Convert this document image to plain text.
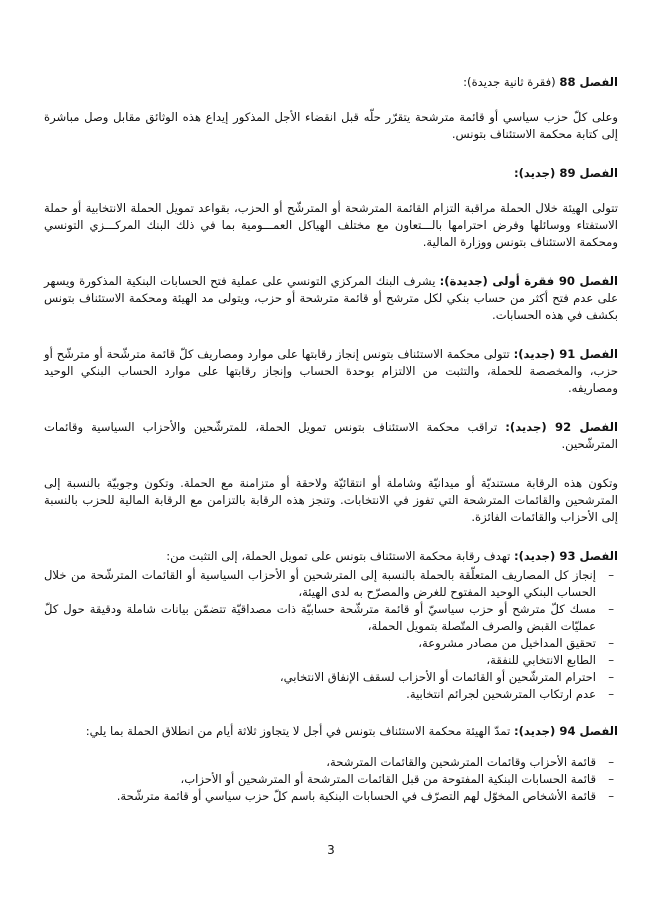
الفصل 88 (فقرة ثانية جديدة):

وعلى كلّ حزب سياسي أو قائمة مترشحة يتقرّر حلّه قبل انقضاء الأجل المذكور إيداع هذه الوثائق مقابل وصل مباشرة إلى كتابة محكمة الاستئناف بتونس.

الفصل 89 (جديد):

تتولى الهيئة خلال الحملة مراقبة التزام القائمة المترشحة أو المترشّح أو الحزب، بقواعد تمويل الحملة الانتخابية أو حملة الاستفتاء ووسائلها وفرض احترامها بالـــتعاون مع مختلف الهياكل العمـــومية بما في ذلك البنك المركـــزي التونسي ومحكمة الاستئناف بتونس ووزارة المالية.

الفصل 90 فقرة أولى (جديدة): يشرف البنك المركزي التونسي على عملية فتح الحسابات البنكية المذكورة ويسهر على عدم فتح أكثر من حساب بنكي لكل مترشح أو قائمة مترشحة أو حزب، ويتولى مد الهيئة ومحكمة الاستئناف بتونس بكشف في هذه الحسابات.

الفصل 91 (جديد): تتولى محكمة الاستئناف بتونس إنجاز رقابتها على موارد ومصاريف كلّ قائمة مترشّحة أو مترشّح أو حزب، والمخصصة للحملة، والتثبت من الالتزام بوحدة الحساب وإنجاز رقابتها على موارد الحساب البنكي الوحيد ومصاريفه.

الفصل 92 (جديد): تراقب محكمة الاستئناف بتونس تمويل الحملة، للمترشّحين والأحزاب السياسية وقائمات المترشّحين.

وتكون هذه الرقابة مستنديّة أو ميدانيّة وشاملة أو انتقائيّة ولاحقة أو متزامنة مع الحملة. وتكون وجوبيّة بالنسبة إلى المترشحين والقائمات المترشحة التي تفوز في الانتخابات. وتنجز هذه الرقابة بالتزامن مع الرقابة المالية للحزب بالنسبة إلى الأحزاب والقائمات الفائزة.

الفصل 93 (جديد): تهدف رقابة محكمة الاستئناف بتونس على تمويل الحملة، إلى التثبت من:

– إنجاز كل المصاريف المتعلّقة بالحملة بالنسبة إلى المترشحين أو الأحزاب السياسية أو القائمات المترشّحة من خلال الحساب البنكي الوحيد المفتوح للغرض والمصرّح به لدى الهيئة،
– مسك كلّ مترشح أو حزب سياسيّ أو قائمة مترشّحة حسابيّة ذات مصداقيّة تتضمّن بيانات شاملة ودقيقة حول كلّ عمليّات القبض والصرف المتّصلة بتمويل الحملة،
– تحقيق المداخيل من مصادر مشروعة،
– الطابع الانتخابي للنفقة،
– احترام المترشّحين أو القائمات أو الأحزاب لسقف الإنفاق الانتخابي،
– عدم ارتكاب المترشحين لجرائم انتخابية.

الفصل 94 (جديد): تمدّ الهيئة محكمة الاستئناف بتونس في أجل لا يتجاوز ثلاثة أيام من انطلاق الحملة بما يلي:

– قائمة الأحزاب وقائمات المترشحين والقائمات المترشحة،
– قائمة الحسابات البنكية المفتوحة من قبل القائمات المترشحة أو المترشحين أو الأحزاب،
– قائمة الأشخاص المخوّل لهم التصرّف في الحسابات البنكية باسم كلّ حزب سياسي أو قائمة مترشّحة.
3
